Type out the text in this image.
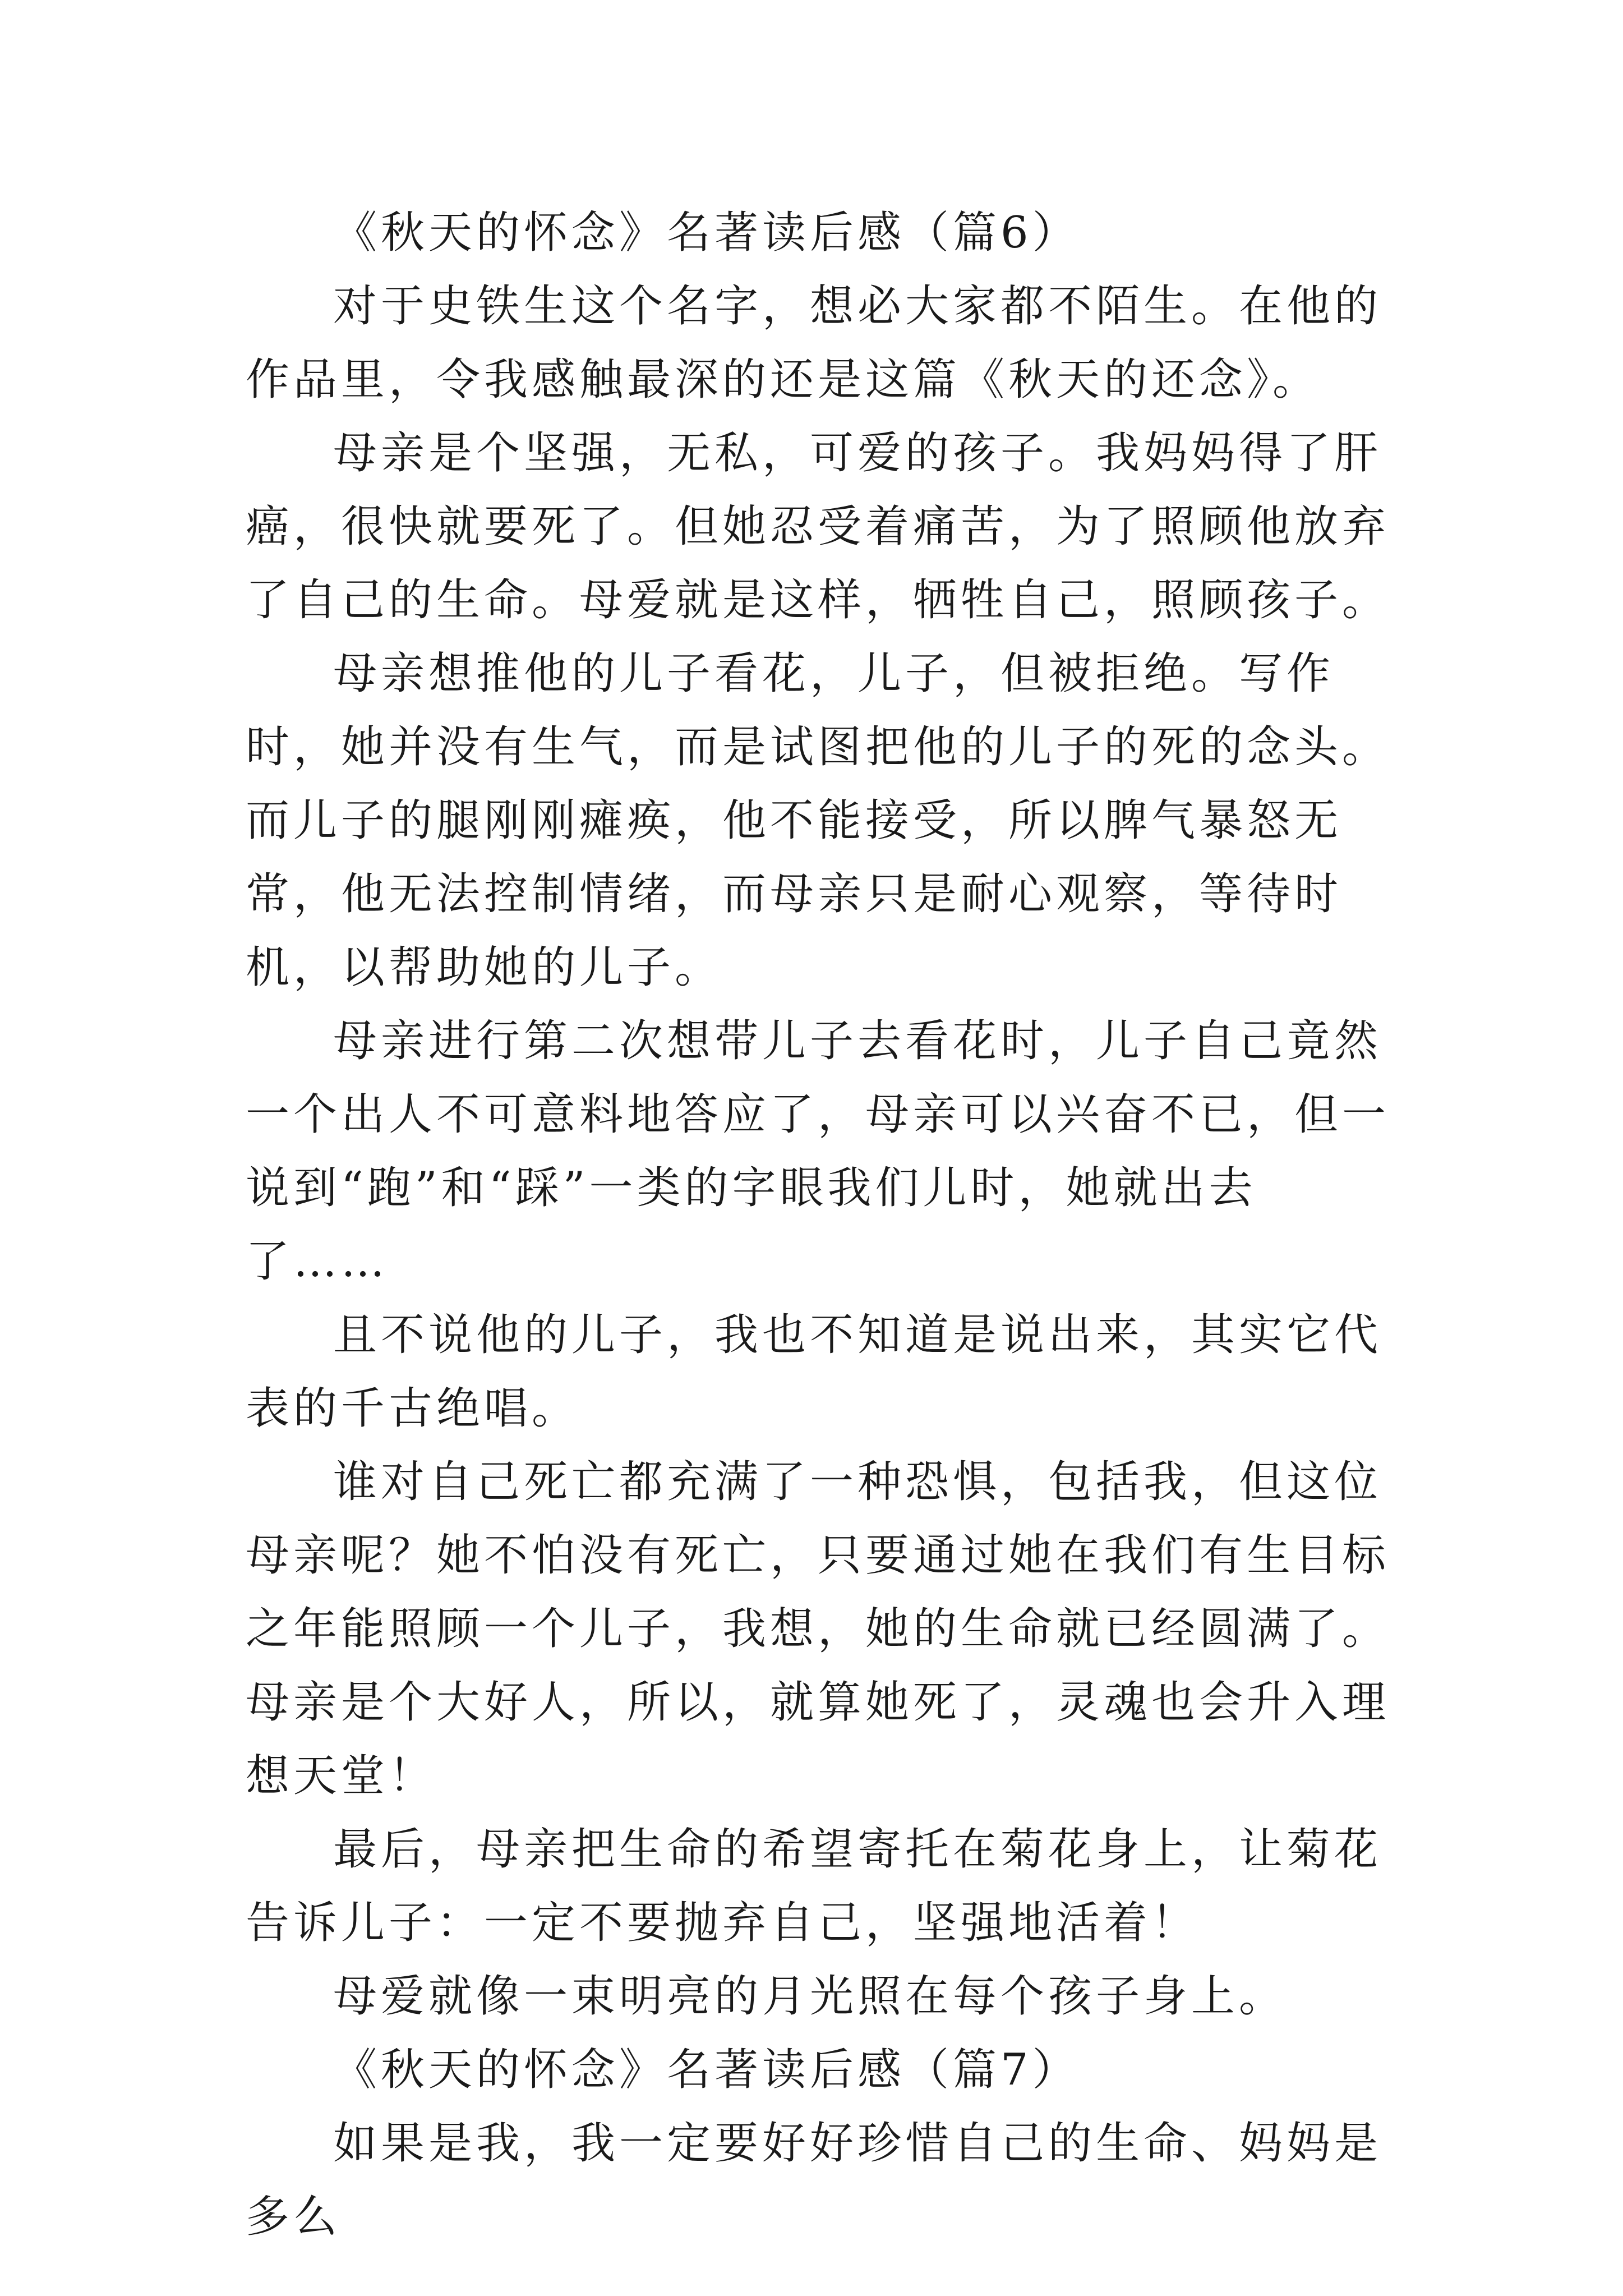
《秋天的怀念》名著读后感（篇6）

对于史铁生这个名字，想必大家都不陌生。在他的作品里，令我感触最深的还是这篇《秋天的还念》。

母亲是个坚强，无私，可爱的孩子。我妈妈得了肝癌，很快就要死了。但她忍受着痛苦，为了照顾他放弃了自己的生命。母爱就是这样，牺牲自己，照顾孩子。

母亲想推他的儿子看花，儿子，但被拒绝。写作时，她并没有生气，而是试图把他的儿子的死的念头。而儿子的腿刚刚瘫痪，他不能接受，所以脾气暴怒无常，他无法控制情绪，而母亲只是耐心观察，等待时机，以帮助她的儿子。

母亲进行第二次想带儿子去看花时，儿子自己竟然一个出人不可意料地答应了，母亲可以兴奋不已，但一说到“跑”和“踩”一类的字眼我们儿时，她就出去了……

且不说他的儿子，我也不知道是说出来，其实它代表的千古绝唱。

谁对自己死亡都充满了一种恐惧，包括我，但这位母亲呢？她不怕没有死亡，只要通过她在我们有生目标之年能照顾一个儿子，我想，她的生命就已经圆满了。母亲是个大好人，所以，就算她死了，灵魂也会升入理想天堂！

最后，母亲把生命的希望寄托在菊花身上，让菊花告诉儿子：一定不要抛弃自己，坚强地活着！

母爱就像一束明亮的月光照在每个孩子身上。

《秋天的怀念》名著读后感（篇7）

如果是我，我一定要好好珍惜自己的生命、妈妈是多么
